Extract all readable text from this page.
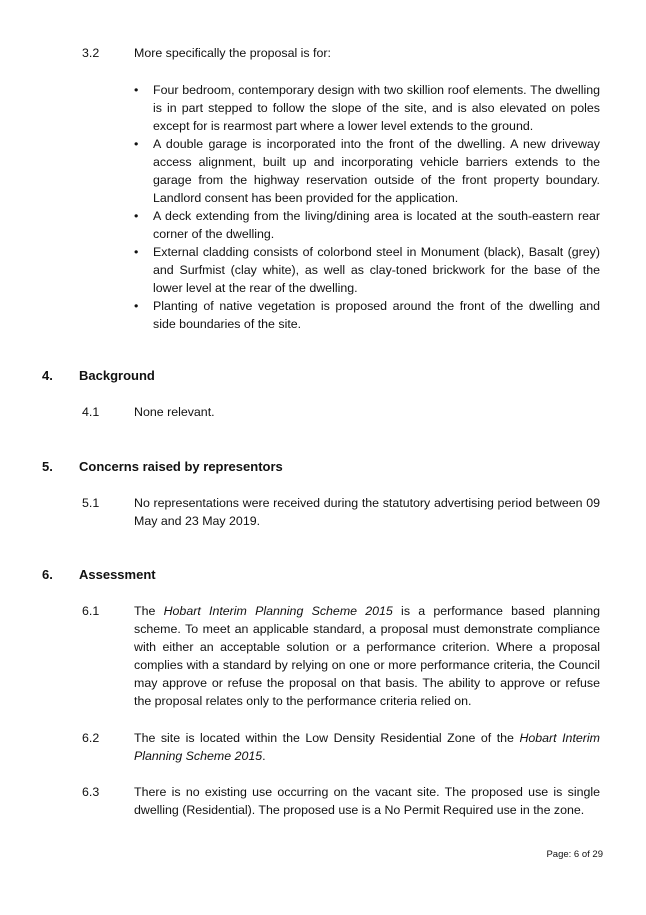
3.2	More specifically the proposal is for:
• Four bedroom, contemporary design with two skillion roof elements. The dwelling is in part stepped to follow the slope of the site, and is also elevated on poles except for is rearmost part where a lower level extends to the ground.
• A double garage is incorporated into the front of the dwelling. A new driveway access alignment, built up and incorporating vehicle barriers extends to the garage from the highway reservation outside of the front property boundary. Landlord consent has been provided for the application.
• A deck extending from the living/dining area is located at the south-eastern rear corner of the dwelling.
• External cladding consists of colorbond steel in Monument (black), Basalt (grey) and Surfmist (clay white), as well as clay-toned brickwork for the base of the lower level at the rear of the dwelling.
• Planting of native vegetation is proposed around the front of the dwelling and side boundaries of the site.
4. Background
4.1	None relevant.
5. Concerns raised by representors
5.1	No representations were received during the statutory advertising period between 09 May and 23 May 2019.
6. Assessment
6.1	The Hobart Interim Planning Scheme 2015 is a performance based planning scheme. To meet an applicable standard, a proposal must demonstrate compliance with either an acceptable solution or a performance criterion. Where a proposal complies with a standard by relying on one or more performance criteria, the Council may approve or refuse the proposal on that basis. The ability to approve or refuse the proposal relates only to the performance criteria relied on.
6.2	The site is located within the Low Density Residential Zone of the Hobart Interim Planning Scheme 2015.
6.3	There is no existing use occurring on the vacant site. The proposed use is single dwelling (Residential). The proposed use is a No Permit Required use in the zone.
Page: 6 of 29
